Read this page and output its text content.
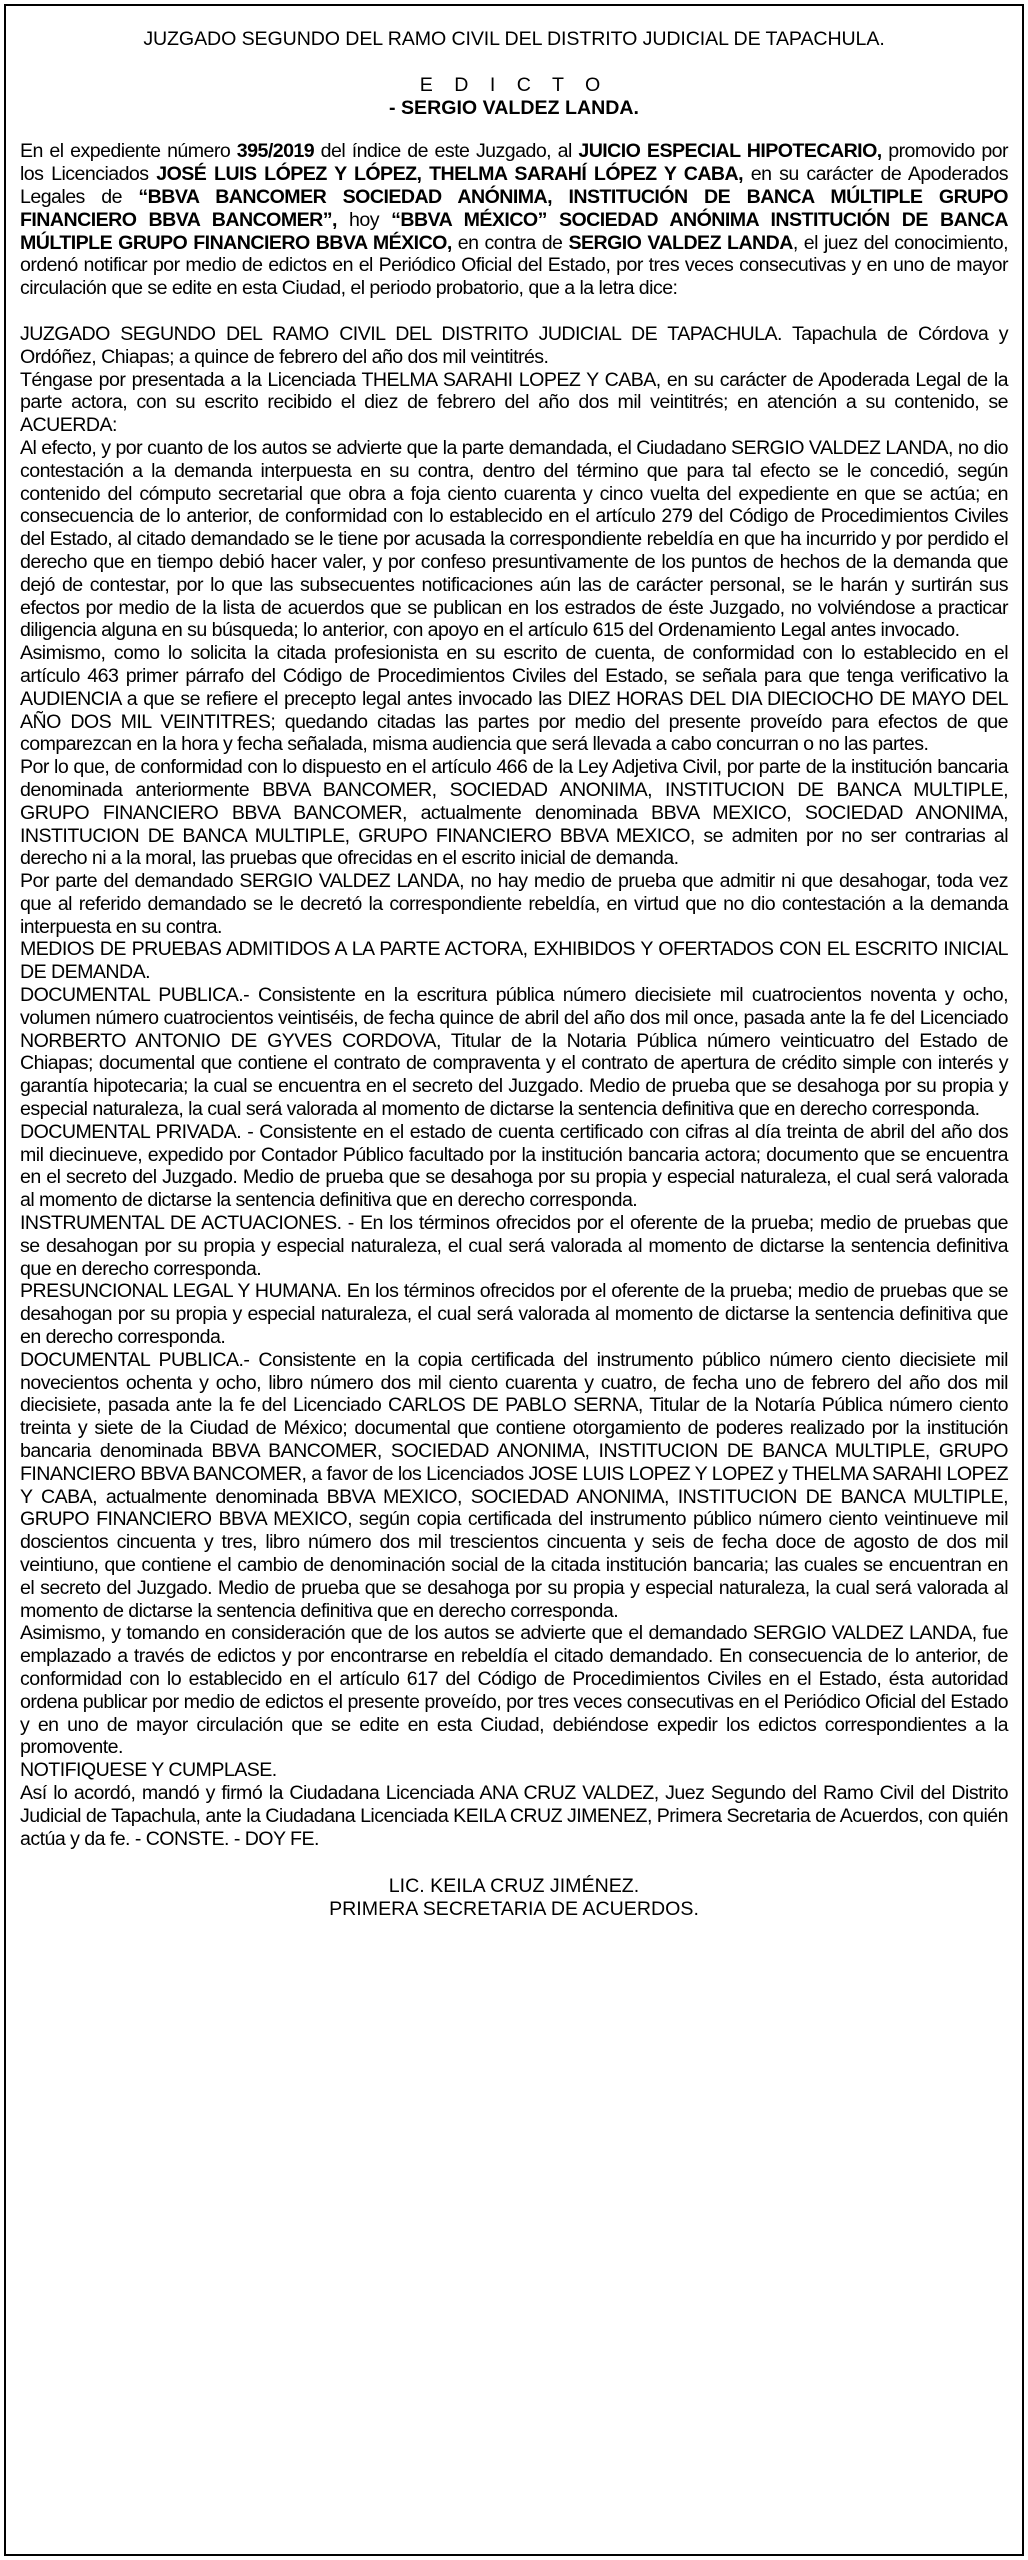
JUZGADO SEGUNDO DEL RAMO CIVIL DEL DISTRITO JUDICIAL DE TAPACHULA.
E D I C T O
- SERGIO VALDEZ LANDA.

En el expediente número 395/2019 del índice de este Juzgado, al JUICIO ESPECIAL HIPOTECARIO, promovido por los Licenciados JOSÉ LUIS LÓPEZ Y LÓPEZ, THELMA SARAHÍ LÓPEZ Y CABA, en su carácter de Apoderados Legales de “BBVA BANCOMER SOCIEDAD ANÓNIMA, INSTITUCIÓN DE BANCA MÚLTIPLE GRUPO FINANCIERO BBVA BANCOMER”, hoy “BBVA MÉXICO” SOCIEDAD ANÓNIMA INSTITUCIÓN DE BANCA MÚLTIPLE GRUPO FINANCIERO BBVA MÉXICO, en contra de SERGIO VALDEZ LANDA, el juez del conocimiento, ordenó notificar por medio de edictos en el Periódico Oficial del Estado, por tres veces consecutivas y en uno de mayor circulación que se edite en esta Ciudad, el periodo probatorio, que a la letra dice:

JUZGADO SEGUNDO DEL RAMO CIVIL DEL DISTRITO JUDICIAL DE TAPACHULA. Tapachula de Córdova y Ordóñez, Chiapas; a quince de febrero del año dos mil veintitrés.

Téngase por presentada a la Licenciada THELMA SARAHI LOPEZ Y CABA, en su carácter de Apoderada Legal de la parte actora, con su escrito recibido el diez de febrero del año dos mil veintitrés; en atención a su contenido, se ACUERDA:

Al efecto, y por cuanto de los autos se advierte que la parte demandada, el Ciudadano SERGIO VALDEZ LANDA, no dio contestación a la demanda interpuesta en su contra, dentro del término que para tal efecto se le concedió, según contenido del cómputo secretarial que obra a foja ciento cuarenta y cinco vuelta del expediente en que se actúa; en consecuencia de lo anterior, de conformidad con lo establecido en el artículo 279 del Código de Procedimientos Civiles del Estado, al citado demandado se le tiene por acusada la correspondiente rebeldía en que ha incurrido y por perdido el derecho que en tiempo debió hacer valer, y por confeso presuntivamente de los puntos de hechos de la demanda que dejó de contestar, por lo que las subsecuentes notificaciones aún las de carácter personal, se le harán y surtirán sus efectos por medio de la lista de acuerdos que se publican en los estrados de éste Juzgado, no volviéndose a practicar diligencia alguna en su búsqueda; lo anterior, con apoyo en el artículo 615 del Ordenamiento Legal antes invocado.

Asimismo, como lo solicita la citada profesionista en su escrito de cuenta, de conformidad con lo establecido en el artículo 463 primer párrafo del Código de Procedimientos Civiles del Estado, se señala para que tenga verificativo la AUDIENCIA a que se refiere el precepto legal antes invocado las DIEZ HORAS DEL DIA DIECIOCHO DE MAYO DEL AÑO DOS MIL VEINTITRES; quedando citadas las partes por medio del presente proveído para efectos de que comparezcan en la hora y fecha señalada, misma audiencia que será llevada a cabo concurran o no las partes.

Por lo que, de conformidad con lo dispuesto en el artículo 466 de la Ley Adjetiva Civil, por parte de la institución bancaria denominada anteriormente BBVA BANCOMER, SOCIEDAD ANONIMA, INSTITUCION DE BANCA MULTIPLE, GRUPO FINANCIERO BBVA BANCOMER, actualmente denominada BBVA MEXICO, SOCIEDAD ANONIMA, INSTITUCION DE BANCA MULTIPLE, GRUPO FINANCIERO BBVA MEXICO, se admiten por no ser contrarias al derecho ni a la moral, las pruebas que ofrecidas en el escrito inicial de demanda.

Por parte del demandado SERGIO VALDEZ LANDA, no hay medio de prueba que admitir ni que desahogar, toda vez que al referido demandado se le decretó la correspondiente rebeldía, en virtud que no dio contestación a la demanda interpuesta en su contra.

MEDIOS DE PRUEBAS ADMITIDOS A LA PARTE ACTORA, EXHIBIDOS Y OFERTADOS CON EL ESCRITO INICIAL DE DEMANDA.

DOCUMENTAL PUBLICA.- Consistente en la escritura pública número diecisiete mil cuatrocientos noventa y ocho, volumen número cuatrocientos veintiséis, de fecha quince de abril del año dos mil once, pasada ante la fe del Licenciado NORBERTO ANTONIO DE GYVES CORDOVA, Titular de la Notaria Pública número veinticuatro del Estado de Chiapas; documental que contiene el contrato de compraventa y el contrato de apertura de crédito simple con interés y garantía hipotecaria; la cual se encuentra en el secreto del Juzgado. Medio de prueba que se desahoga por su propia y especial naturaleza, la cual será valorada al momento de dictarse la sentencia definitiva que en derecho corresponda.

DOCUMENTAL PRIVADA. - Consistente en el estado de cuenta certificado con cifras al día treinta de abril del año dos mil diecinueve, expedido por Contador Público facultado por la institución bancaria actora; documento que se encuentra en el secreto del Juzgado. Medio de prueba que se desahoga por su propia y especial naturaleza, el cual será valorada al momento de dictarse la sentencia definitiva que en derecho corresponda.

INSTRUMENTAL DE ACTUACIONES. - En los términos ofrecidos por el oferente de la prueba; medio de pruebas que se desahogan por su propia y especial naturaleza, el cual será valorada al momento de dictarse la sentencia definitiva que en derecho corresponda.

PRESUNCIONAL LEGAL Y HUMANA. En los términos ofrecidos por el oferente de la prueba; medio de pruebas que se desahogan por su propia y especial naturaleza, el cual será valorada al momento de dictarse la sentencia definitiva que en derecho corresponda.

DOCUMENTAL PUBLICA.- Consistente en la copia certificada del instrumento público número ciento diecisiete mil novecientos ochenta y ocho, libro número dos mil ciento cuarenta y cuatro, de fecha uno de febrero del año dos mil diecisiete, pasada ante la fe del Licenciado CARLOS DE PABLO SERNA, Titular de la Notaría Pública número ciento treinta y siete de la Ciudad de México; documental que contiene otorgamiento de poderes realizado por la institución bancaria denominada BBVA BANCOMER, SOCIEDAD ANONIMA, INSTITUCION DE BANCA MULTIPLE, GRUPO FINANCIERO BBVA BANCOMER, a favor de los Licenciados JOSE LUIS LOPEZ Y LOPEZ y THELMA SARAHI LOPEZ Y CABA, actualmente denominada BBVA MEXICO, SOCIEDAD ANONIMA, INSTITUCION DE BANCA MULTIPLE, GRUPO FINANCIERO BBVA MEXICO, según copia certificada del instrumento público número ciento veintinueve mil doscientos cincuenta y tres, libro número dos mil trescientos cincuenta y seis de fecha doce de agosto de dos mil veintiuno, que contiene el cambio de denominación social de la citada institución bancaria; las cuales se encuentran en el secreto del Juzgado. Medio de prueba que se desahoga por su propia y especial naturaleza, la cual será valorada al momento de dictarse la sentencia definitiva que en derecho corresponda.

Asimismo, y tomando en consideración que de los autos se advierte que el demandado SERGIO VALDEZ LANDA, fue emplazado a través de edictos y por encontrarse en rebeldía el citado demandado. En consecuencia de lo anterior, de conformidad con lo establecido en el artículo 617 del Código de Procedimientos Civiles en el Estado, ésta autoridad ordena publicar por medio de edictos el presente proveído, por tres veces consecutivas en el Periódico Oficial del Estado y en uno de mayor circulación que se edite en esta Ciudad, debiéndose expedir los edictos correspondientes a la promovente.

NOTIFIQUESE Y CUMPLASE.

Así lo acordó, mandó y firmó la Ciudadana Licenciada ANA CRUZ VALDEZ, Juez Segundo del Ramo Civil del Distrito Judicial de Tapachula, ante la Ciudadana Licenciada KEILA CRUZ JIMENEZ, Primera Secretaria de Acuerdos, con quién actúa y da fe. - CONSTE. - DOY FE.

LIC. KEILA CRUZ JIMÉNEZ.
PRIMERA SECRETARIA DE ACUERDOS.
